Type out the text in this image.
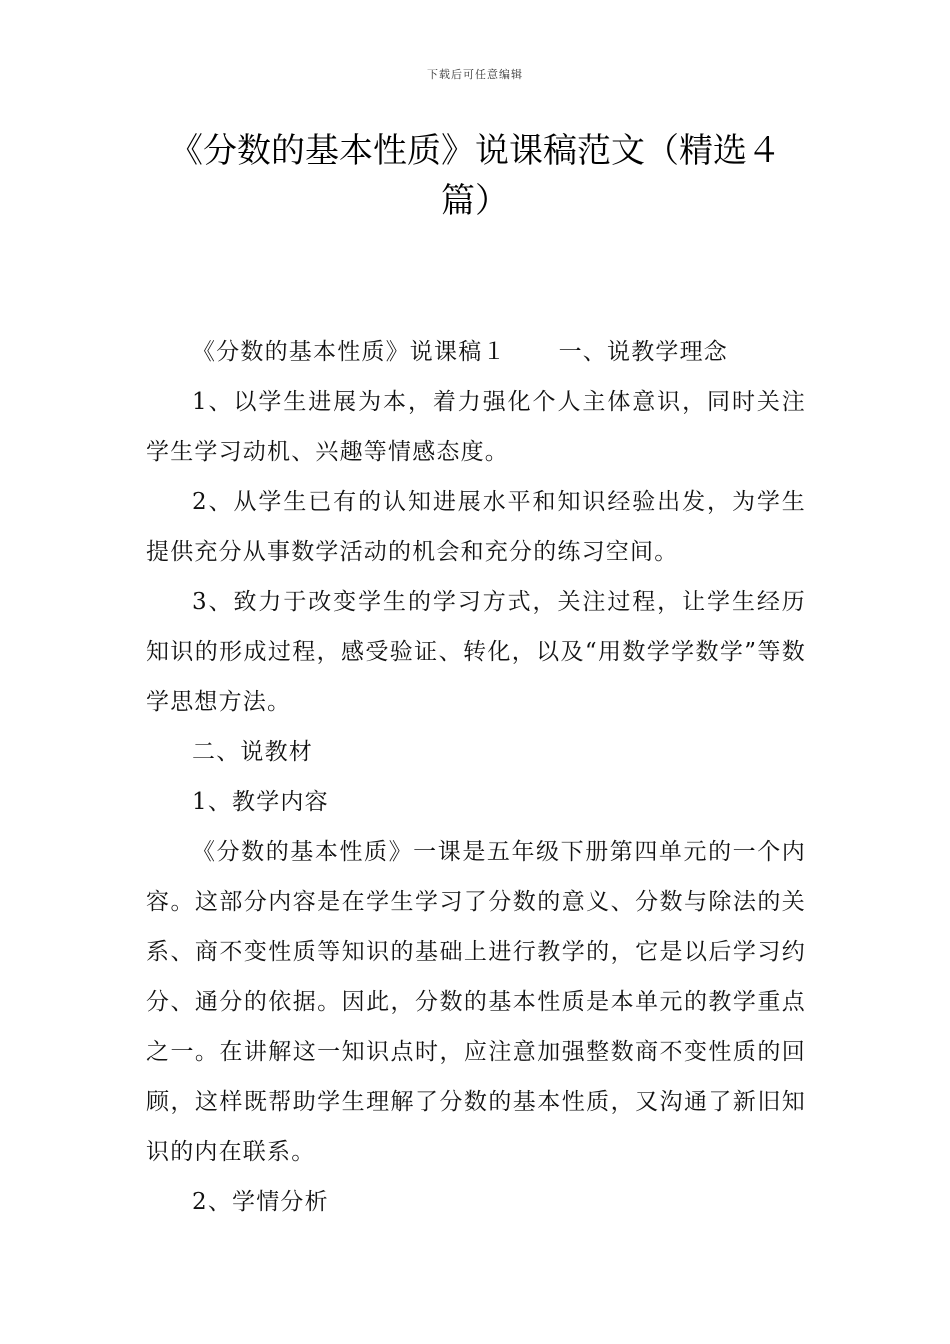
下载后可任意编辑
《分数的基本性质》说课稿范文（精选４篇）

《分数的基本性质》说课稿１ 一、说教学理念

1、以学生进展为本，着力强化个人主体意识，同时关注学生学习动机、兴趣等情感态度。

2、从学生已有的认知进展水平和知识经验出发，为学生提供充分从事数学活动的机会和充分的练习空间。

3、致力于改变学生的学习方式，关注过程，让学生经历知识的形成过程，感受验证、转化，以及“用数学学数学”等数学思想方法。

二、说教材

1、教学内容

《分数的基本性质》一课是五年级下册第四单元的一个内容。这部分内容是在学生学习了分数的意义、分数与除法的关系、商不变性质等知识的基础上进行教学的，它是以后学习约分、通分的依据。因此，分数的基本性质是本单元的教学重点之一。在讲解这一知识点时，应注意加强整数商不变性质的回顾，这样既帮助学生理解了分数的基本性质，又沟通了新旧知识的内在联系。

2、学情分析
